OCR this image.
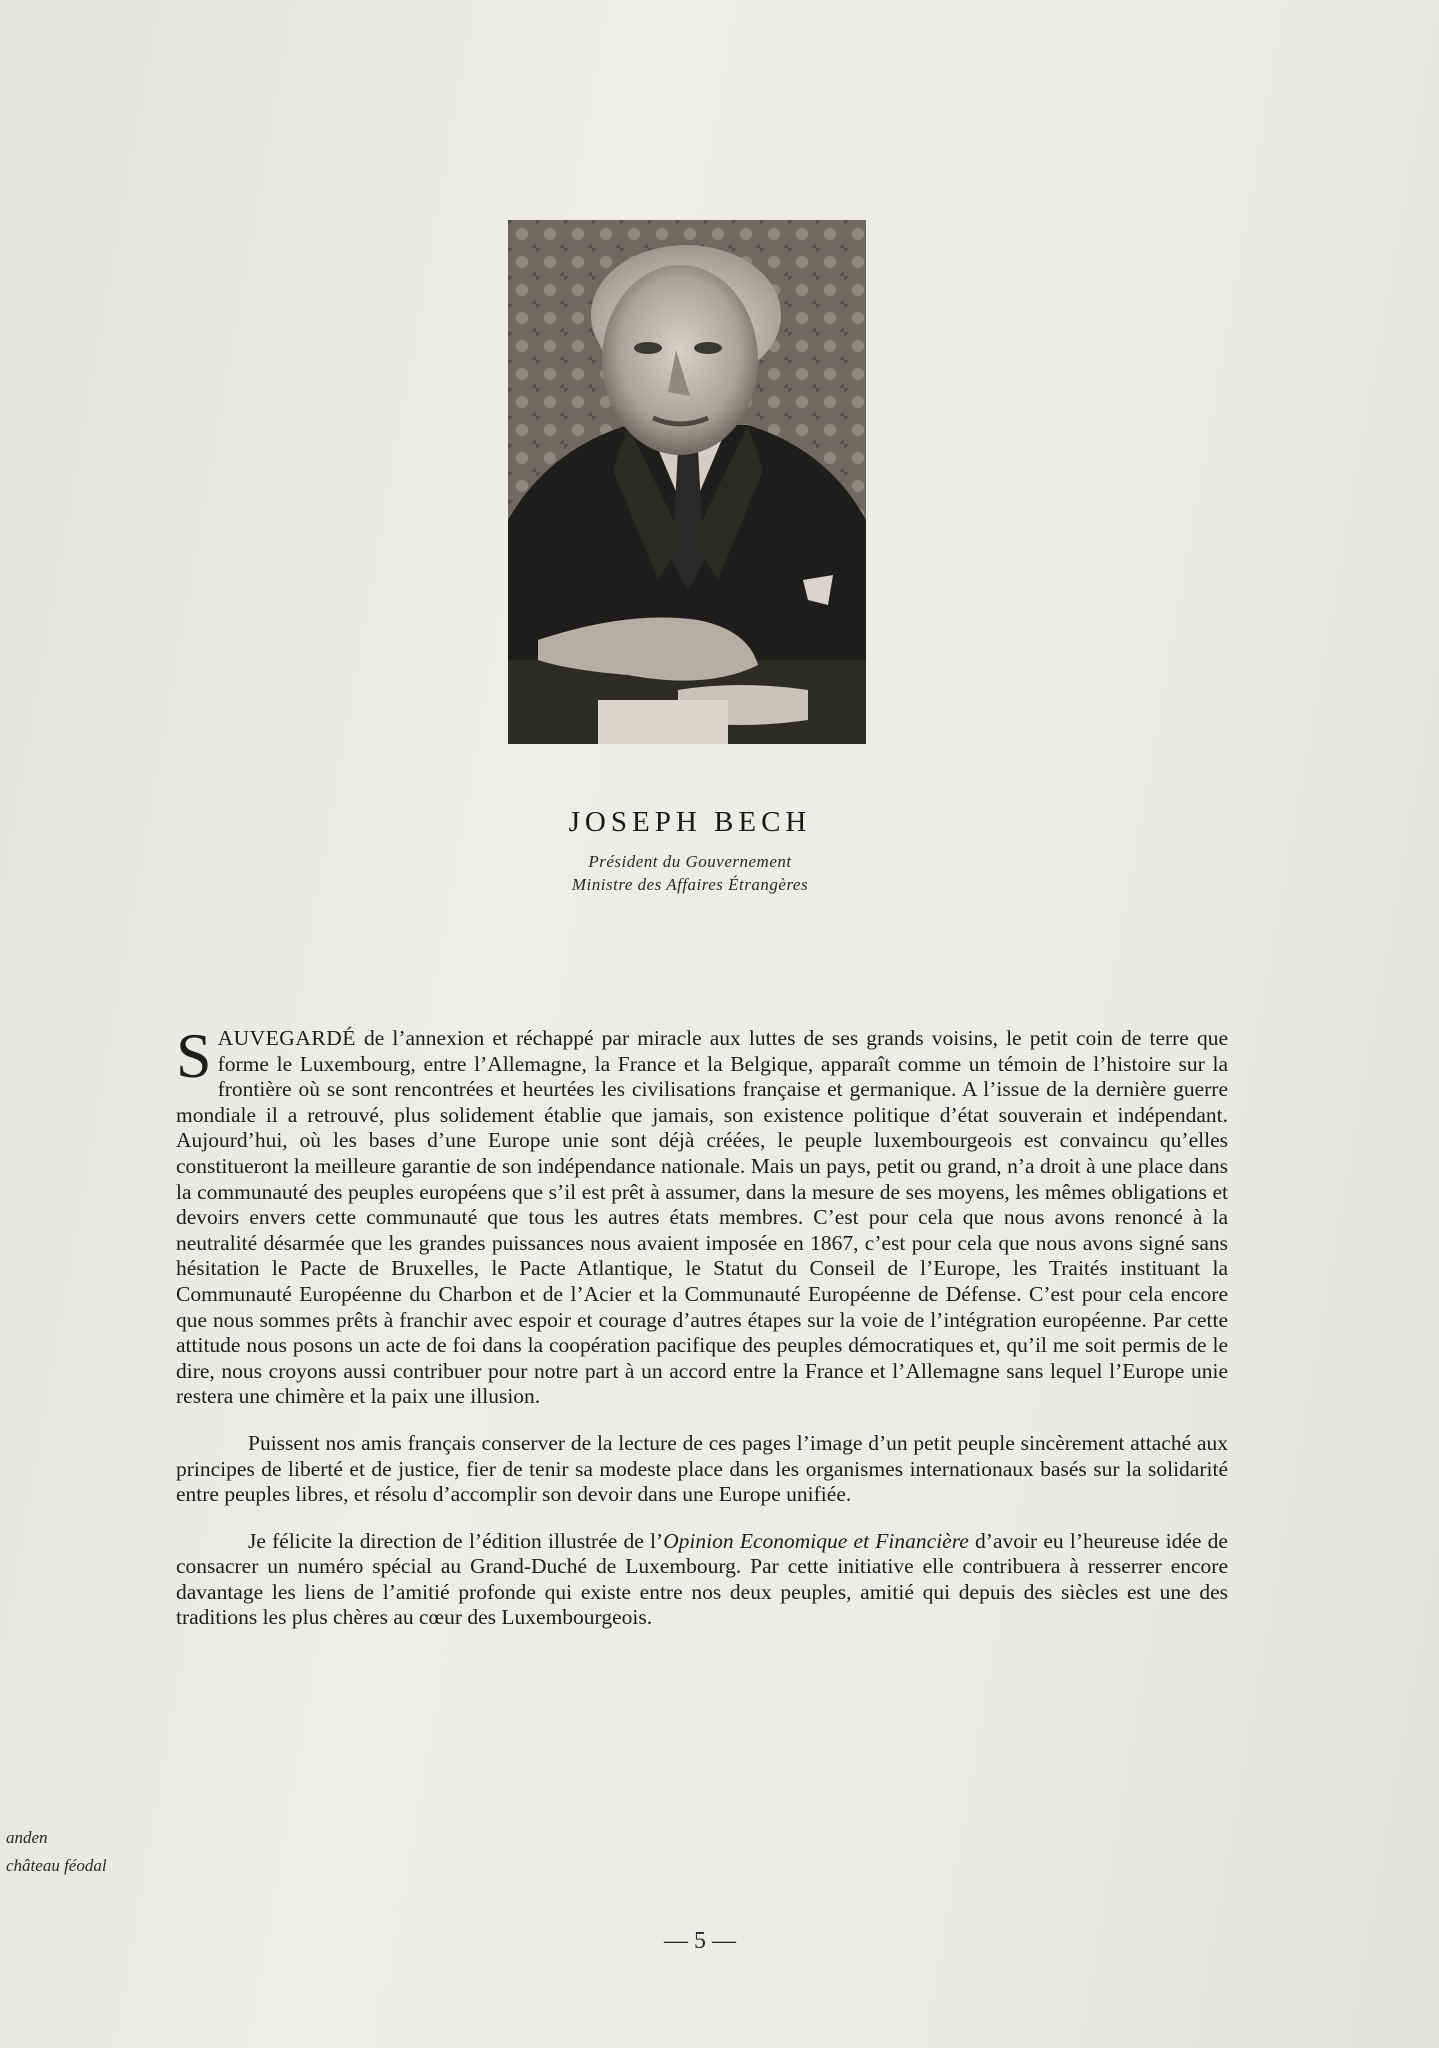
JOSEPH BECH
Président du Gouvernement
Ministre des Affaires Étrangères

SAUVEGARDÉ de l’annexion et réchappé par miracle aux luttes de ses grands voisins, le petit coin de terre que forme le Luxembourg, entre l’Allemagne, la France et la Belgique, apparaît comme un témoin de l’histoire sur la frontière où se sont rencontrées et heurtées les civilisations française et germanique. A l’issue de la dernière guerre mondiale il a retrouvé, plus solidement établie que jamais, son existence politique d’état souverain et indépendant. Aujourd’hui, où les bases d’une Europe unie sont déjà créées, le peuple luxembourgeois est convaincu qu’elles constitueront la meilleure garantie de son indépendance nationale. Mais un pays, petit ou grand, n’a droit à une place dans la communauté des peuples européens que s’il est prêt à assumer, dans la mesure de ses moyens, les mêmes obligations et devoirs envers cette communauté que tous les autres états membres. C’est pour cela que nous avons renoncé à la neutralité désarmée que les grandes puissances nous avaient imposée en 1867, c’est pour cela que nous avons signé sans hésitation le Pacte de Bruxelles, le Pacte Atlantique, le Statut du Conseil de l’Europe, les Traités instituant la Communauté Européenne du Charbon et de l’Acier et la Communauté Européenne de Défense. C’est pour cela encore que nous sommes prêts à franchir avec espoir et courage d’autres étapes sur la voie de l’intégration européenne. Par cette attitude nous posons un acte de foi dans la coopération pacifique des peuples démocratiques et, qu’il me soit permis de le dire, nous croyons aussi contribuer pour notre part à un accord entre la France et l’Allemagne sans lequel l’Europe unie restera une chimère et la paix une illusion.

Puissent nos amis français conserver de la lecture de ces pages l’image d’un petit peuple sincèrement attaché aux principes de liberté et de justice, fier de tenir sa modeste place dans les organismes internationaux basés sur la solidarité entre peuples libres, et résolu d’accomplir son devoir dans une Europe unifiée.

Je félicite la direction de l’édition illustrée de l’Opinion Economique et Financière d’avoir eu l’heureuse idée de consacrer un numéro spécial au Grand-Duché de Luxembourg. Par cette initiative elle contribuera à resserrer encore davantage les liens de l’amitié profonde qui existe entre nos deux peuples, amitié qui depuis des siècles est une des traditions les plus chères au cœur des Luxembourgeois.

anden
château féodal
— 5 —
